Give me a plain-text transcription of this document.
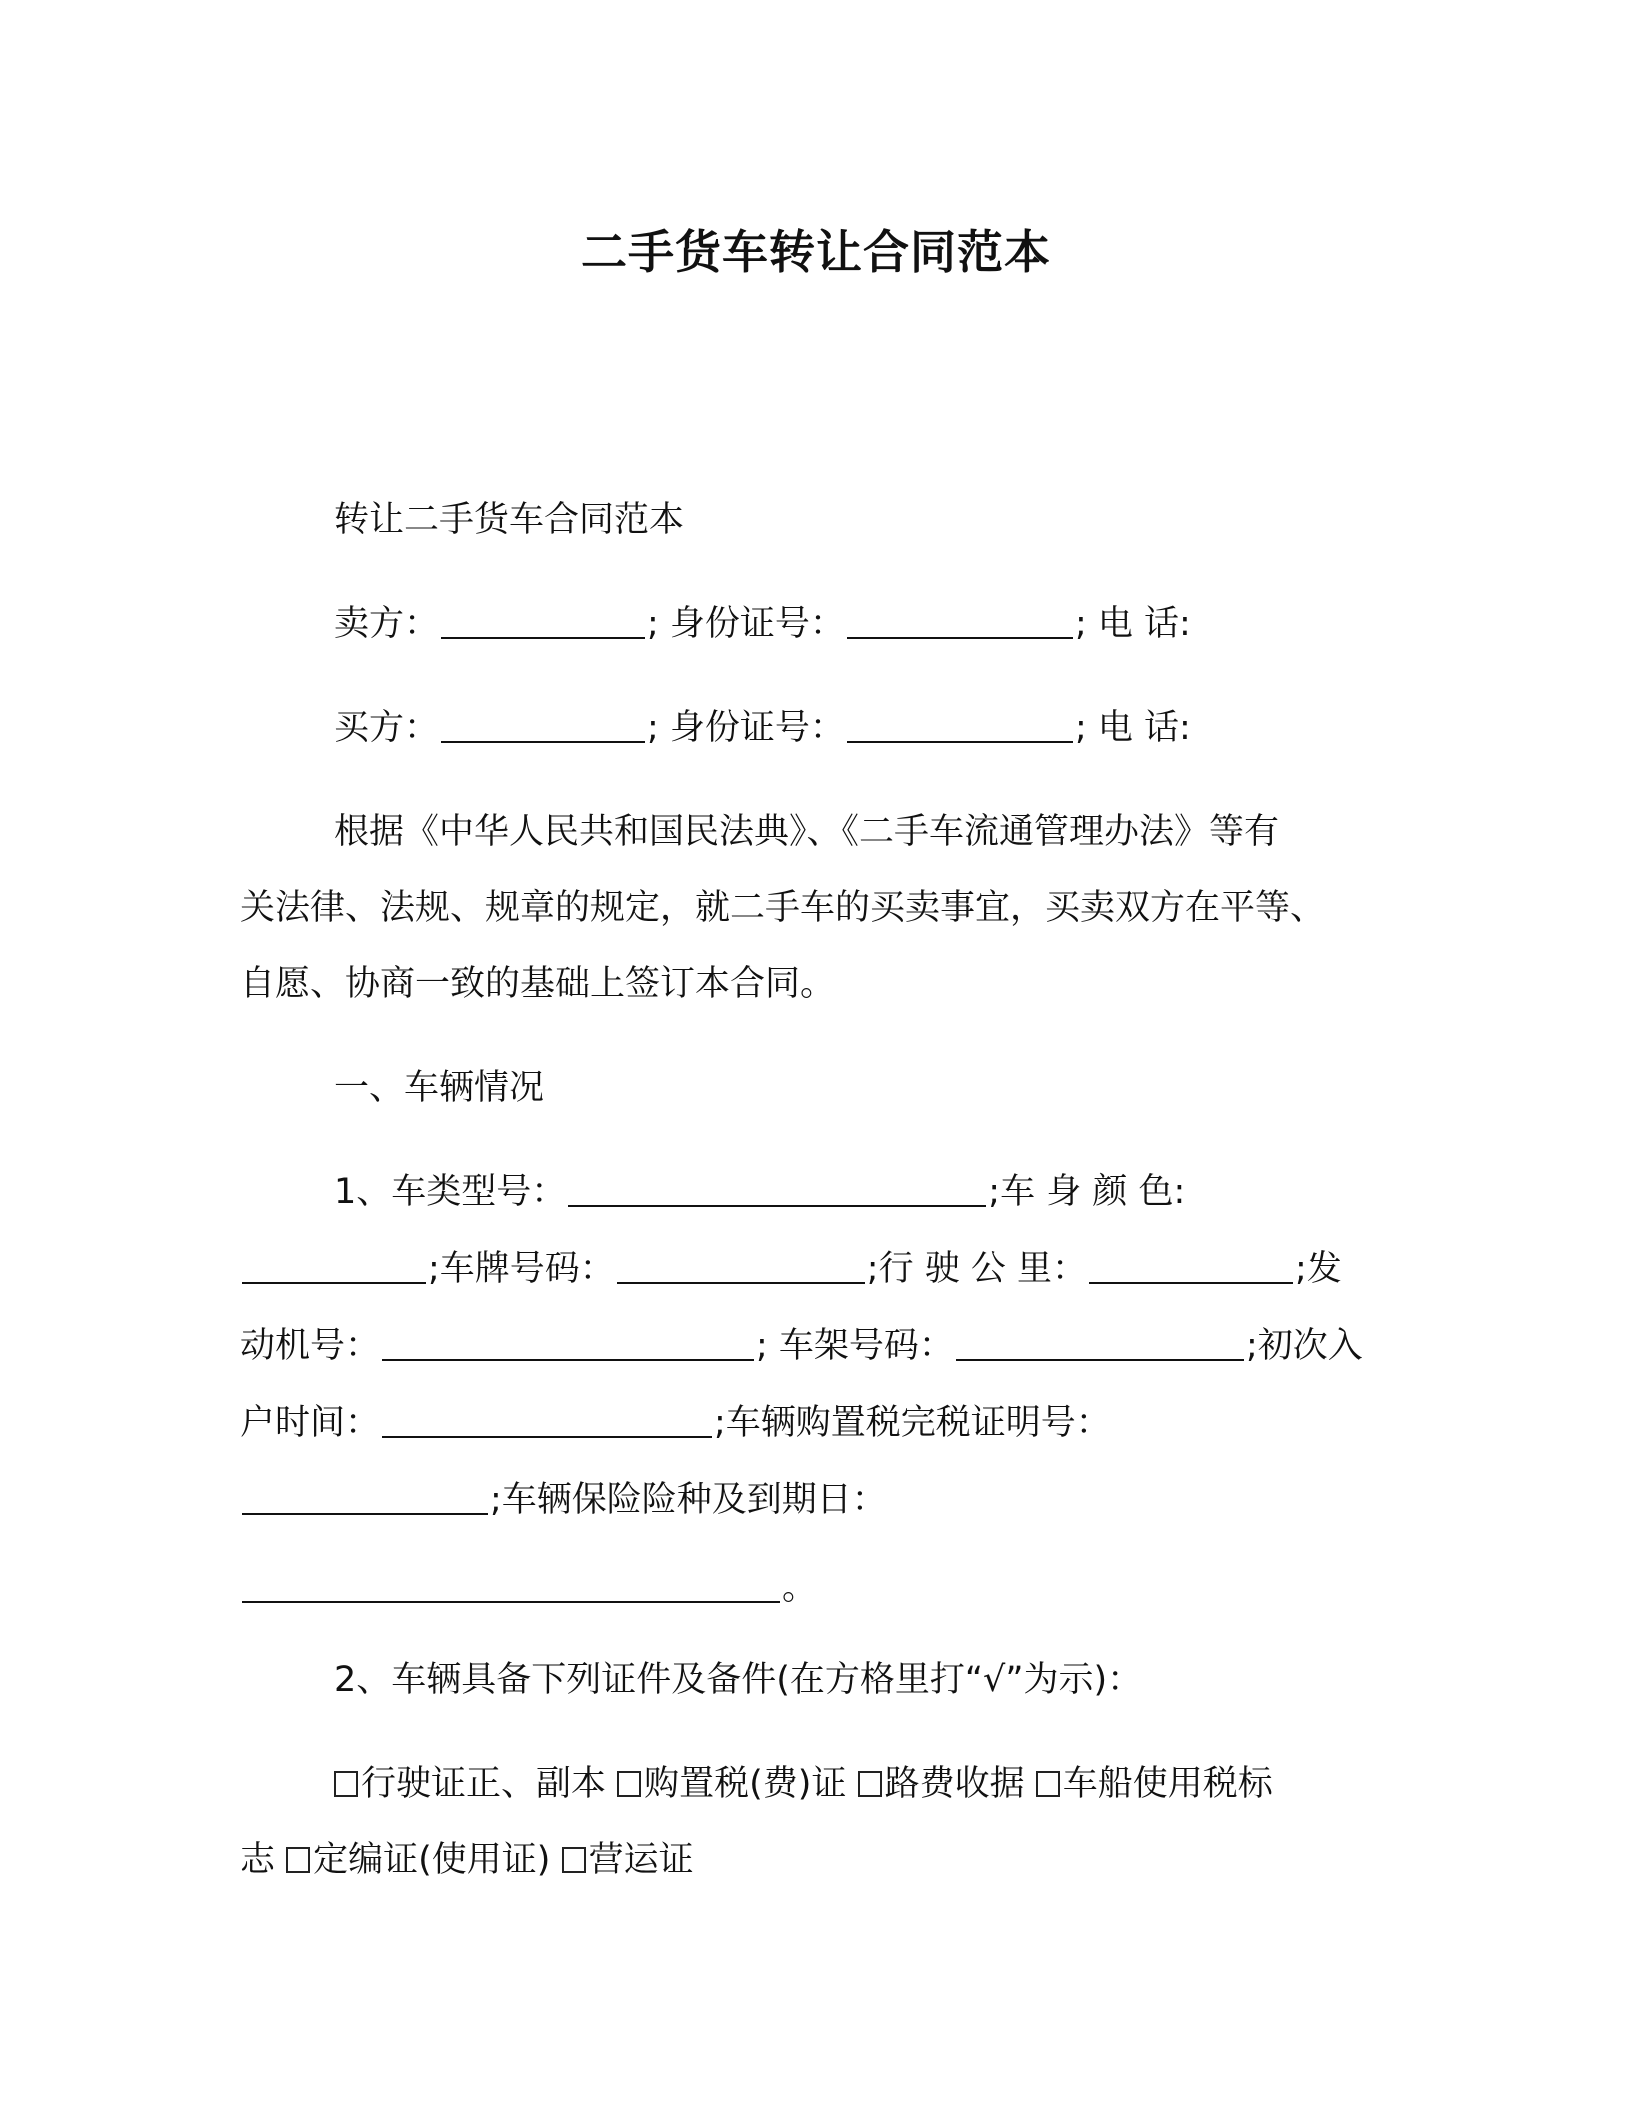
二手货车转让合同范本
转让二手货车合同范本
卖方：	; 身份证号：	; 电 话:
买方：	; 身份证号：	; 电 话:
根据《中华人民共和国民法典》、《二手车流通管理办法》等有
关法律、法规、规章的规定，就二手车的买卖事宜，买卖双方在平等、
自愿、协商一致的基础上签订本合同。
一、车辆情况
1、车类型号：	;车 身 颜 色:
;车牌号码：	;行 驶 公 里：	;发
动机号：	; 车架号码：	;初次入
户时间：	;车辆购置税完税证明号：
;车辆保险险种及到期日：
。
2、车辆具备下列证件及备件(在方格里打“√”为示)：
行驶证正、副本 购置税(费)证 路费收据 车船使用税标
志 定编证(使用证) 营运证
